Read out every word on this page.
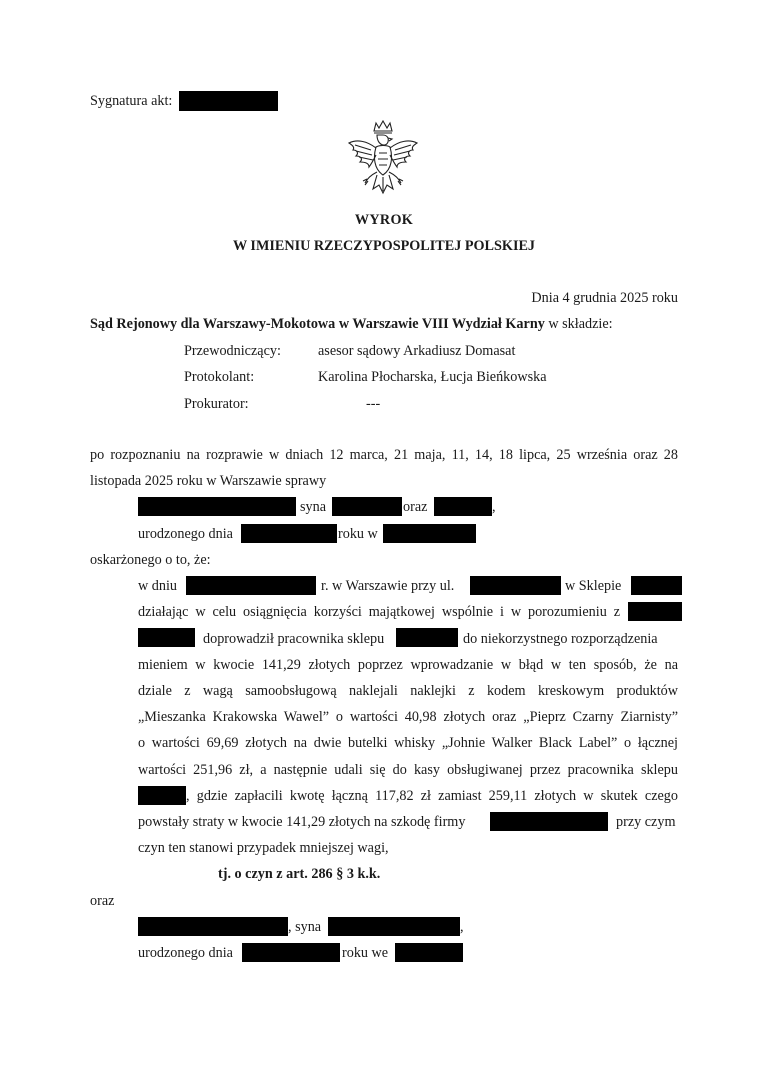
Sygnatura akt:
WYROK
W IMIENIU RZECZYPOSPOLITEJ POLSKIEJ
Dnia 4 grudnia 2025 roku
Sąd Rejonowy dla Warszawy-Mokotowa w Warszawie VIII Wydział Karny w składzie:
Przewodniczący:	asesor sądowy Arkadiusz Domasat
Protokolant:	Karolina Płocharska, Łucja Bieńkowska
Prokurator:	---
po rozpoznaniu na rozprawie w dniach 12 marca, 21 maja, 11, 14, 18 lipca, 25 września oraz 28
listopada 2025 roku w Warszawie sprawy
syna	oraz	,
urodzonego dnia	roku w
oskarżonego o to, że:
w dniu	r. w Warszawie przy ul.	w Sklepie
działając w celu osiągnięcia korzyści majątkowej wspólnie i w porozumieniu z
doprowadził pracownika sklepu	do niekorzystnego rozporządzenia
mieniem w kwocie 141,29 złotych poprzez wprowadzanie w błąd w ten sposób, że na
dziale z wagą samoobsługową naklejali naklejki z kodem kreskowym produktów
„Mieszanka Krakowska Wawel” o wartości 40,98 złotych oraz „Pieprz Czarny Ziarnisty”
o wartości 69,69 złotych na dwie butelki whisky „Johnie Walker Black Label” o łącznej
wartości 251,96 zł, a następnie udali się do kasy obsługiwanej przez pracownika sklepu
, gdzie zapłacili kwotę łączną 117,82 zł zamiast 259,11 złotych w skutek czego
powstały straty w kwocie 141,29 złotych na szkodę firmy	przy czym
czyn ten stanowi przypadek mniejszej wagi,
tj. o czyn z art. 286 § 3 k.k.
oraz
, syna	,
urodzonego dnia	roku we
